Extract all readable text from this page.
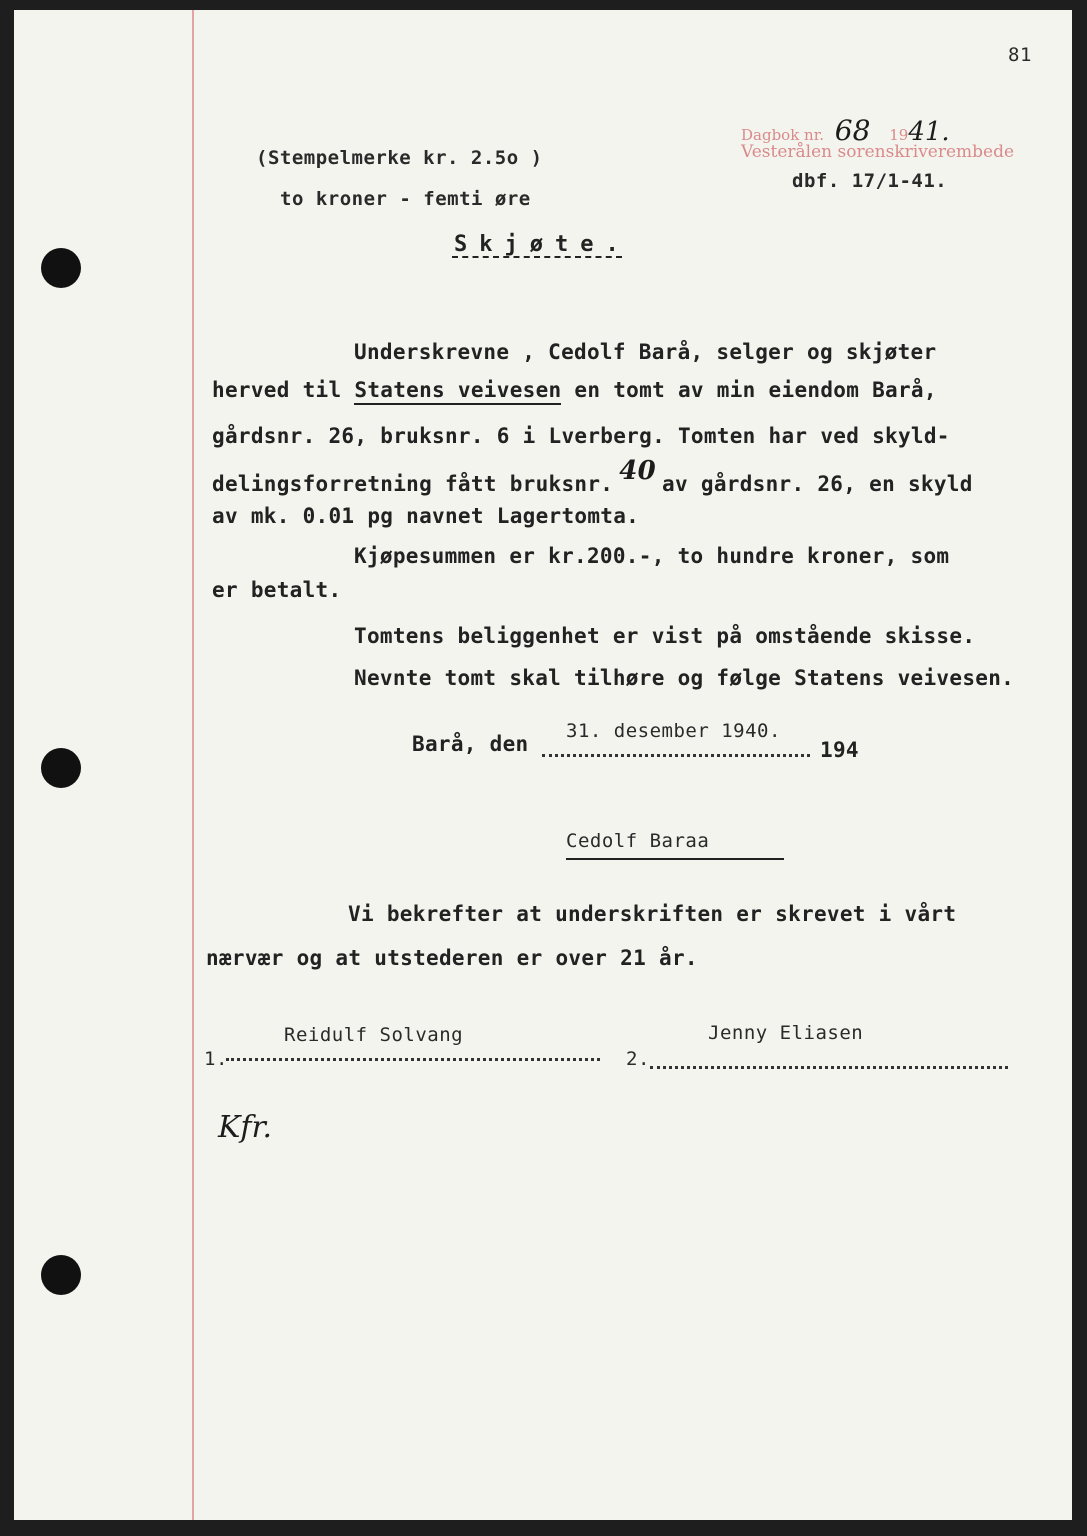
81
Dagbok nr. 68 1941.
Vesterålen sorenskriverembede
dbf. 17/1-41.
(Stempelmerke kr. 2.5o )
to kroner - femti øre
Skjøte.
Underskrevne , Cedolf Barå, selger og skjøter
herved til Statens veivesen en tomt av min eiendom Barå,
gårdsnr. 26, bruksnr. 6 i Lverberg. Tomten har ved skyld-
delingsforretning fått bruksnr. 40 av gårdsnr. 26, en skyld
av mk. 0.01 pg navnet Lagertomta.
Kjøpesummen er kr.200.-, to hundre kroner, som
er betalt.
Tomtens beliggenhet er vist på omstående skisse.
Nevnte tomt skal tilhøre og følge Statens veivesen.
Barå, den
31. desember 1940.
194
Cedolf Baraa
Vi bekrefter at underskriften er skrevet i vårt
nærvær og at utstederen er over 21 år.
1.
Reidulf Solvang
2.
Jenny Eliasen
Kfr.
